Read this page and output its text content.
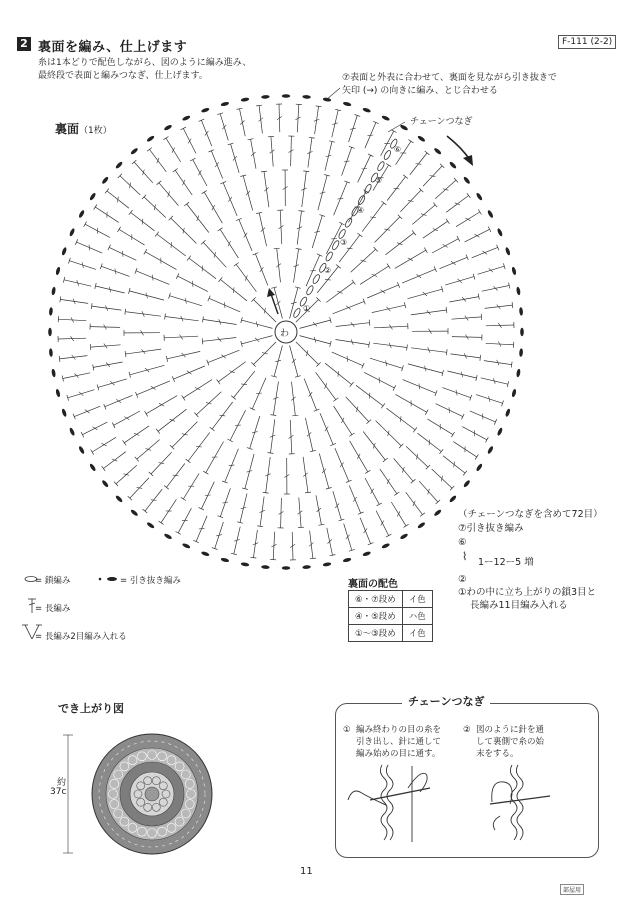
2 裏面を編み、仕上げます	F-111 (2-2)
糸は1本どりで配色しながら、図のように編み進み、
最終段で表面と編みつなぎ、仕上げます。	⑦表面と外表に合わせて、裏面を見ながら引き抜きで
矢印 (→) の向きに編み、とじ合わせる
裏面（1枚）
チェーンつなぎ
わ
①
②
③
④
⑤
⑥
（チェーンつなぎを含めて72目）
⑦引き抜き編み
⑥
⌇ 1ー12ー5 増
②
①わの中に立ち上がりの鎖3目と
長編み11目編み入れる
= 鎖編み	= 引き抜き編み
= 長編み
= 長編み2目編み入れる
裏面の配色
⑥・⑦段め	イ色
④・⑤段め	ハ色
①〜③段め	イ色
でき上がり図
約
37c
チェーンつなぎ
① 編み終わりの目の糸を
引き出し、針に通して
編み始めの目に通す。
② 図のように針を通
して裏側で糸の始
末をする。
11
部屋用
